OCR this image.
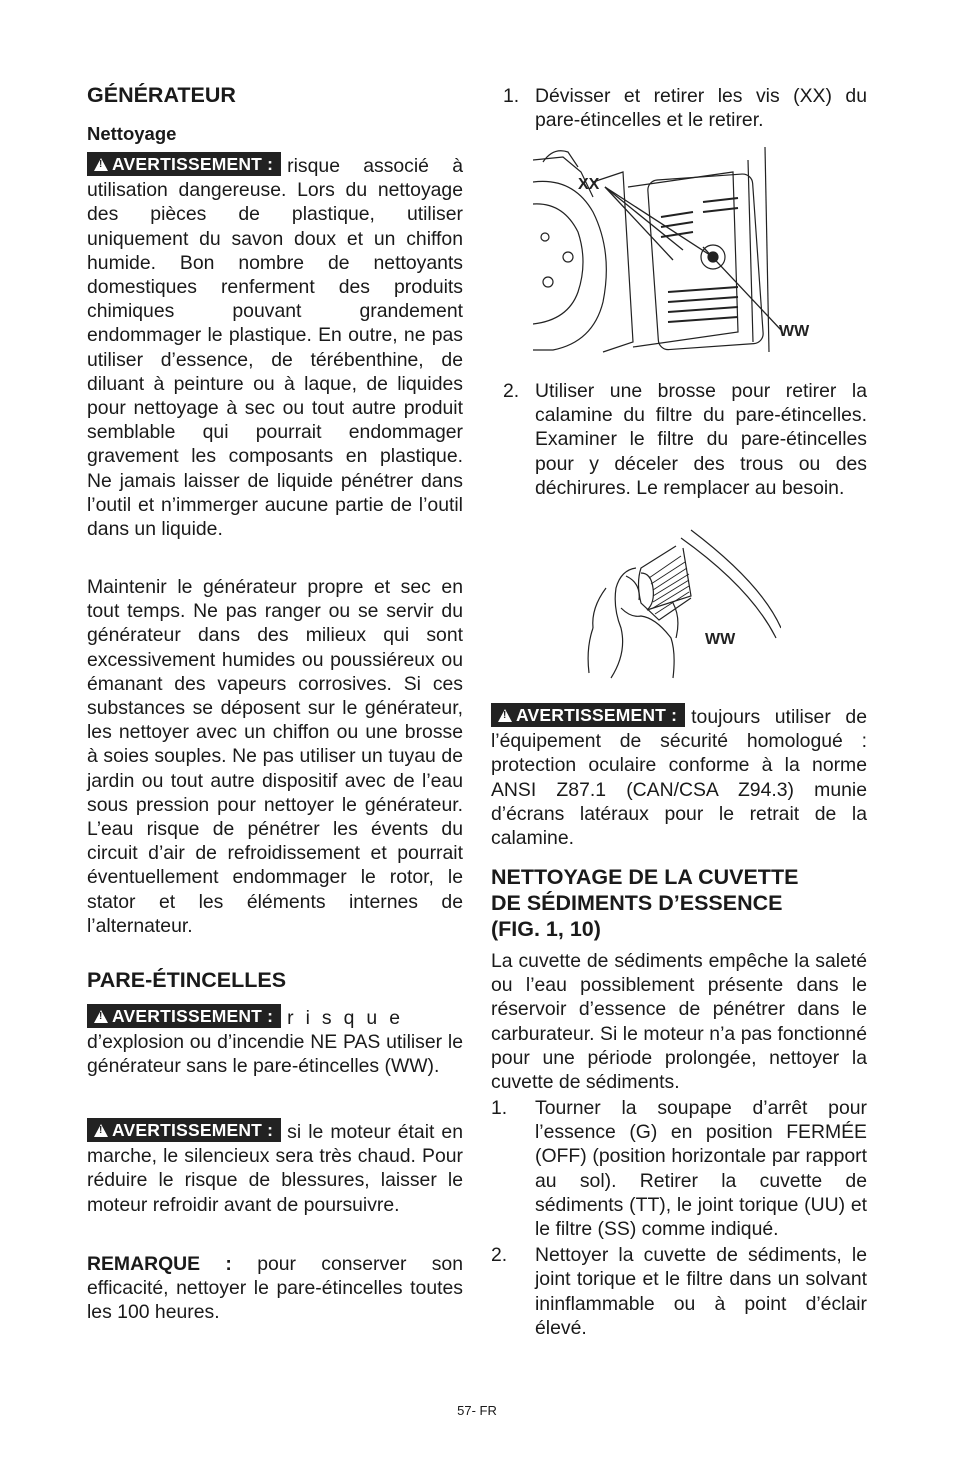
GÉNÉRATEUR
Nettoyage

!AVERTISSEMENT : risque associé à utilisation dangereuse. Lors du nettoyage des pièces de plastique, utiliser uniquement du savon doux et un chiffon humide. Bon nombre de nettoyants domestiques renferment des produits chimiques pouvant grandement endommager le plastique. En outre, ne pas utiliser d’essence, de térébenthine, de diluant à peinture ou à laque, de liquides pour nettoyage à sec ou tout autre produit semblable qui pourrait endommager gravement les composants en plastique. Ne jamais laisser de liquide pénétrer dans l’outil et n’immerger aucune partie de l’outil dans un liquide.

Maintenir le générateur propre et sec en tout temps. Ne pas ranger ou se servir du générateur dans des milieux qui sont excessivement humides ou poussiéreux ou émanant des vapeurs corrosives. Si ces substances se déposent sur le générateur, les nettoyer avec un chiffon ou une brosse à soies souples. Ne pas utiliser un tuyau de jardin ou tout autre dispositif avec de l’eau sous pression pour nettoyer le générateur. L’eau risque de pénétrer les évents du circuit d’air de refroidissement et pourrait éventuellement endommager le rotor, le stator et les éléments internes de l’alternateur.

PARE-ÉTINCELLES

!AVERTISSEMENT : risque
d’explosion ou d’incendie NE PAS utiliser le générateur sans le pare-étincelles (WW).

!AVERTISSEMENT : si le moteur était en marche, le silencieux sera très chaud. Pour réduire le risque de blessures, laisser le moteur refroidir avant de poursuivre.

REMARQUE : pour conserver son efficacité, nettoyer le pare-étincelles toutes les 100 heures.

1. Dévisser et retirer les vis (XX) du pare-étincelles et le retirer.
XX
WW
2. Utiliser une brosse pour retirer la calamine du filtre du pare-étincelles. Examiner le filtre du pare-étincelles pour y déceler des trous ou des déchirures. Le remplacer au besoin.
WW

!AVERTISSEMENT : toujours utiliser de l’équipement de sécurité homologué : protection oculaire conforme à la norme ANSI Z87.1 (CAN/CSA Z94.3) munie d’écrans latéraux pour le retrait de la calamine.

NETTOYAGE DE LA CUVETTE
DE SÉDIMENTS D’ESSENCE
(FIG. 1, 10)

La cuvette de sédiments empêche la saleté ou l’eau possiblement présente dans le réservoir d’essence de pénétrer dans le carburateur. Si le moteur n’a pas fonctionné pour une période prolongée, nettoyer la cuvette de sédiments.

1. Tourner la soupape d’arrêt pour l’essence (G) en position FERMÉE (OFF) (position horizontale par rapport au sol). Retirer la cuvette de sédiments (TT), le joint torique (UU) et le filtre (SS) comme indiqué.
2. Nettoyer la cuvette de sédiments, le joint torique et le filtre dans un solvant ininflammable ou à point d’éclair élevé.
57- FR
